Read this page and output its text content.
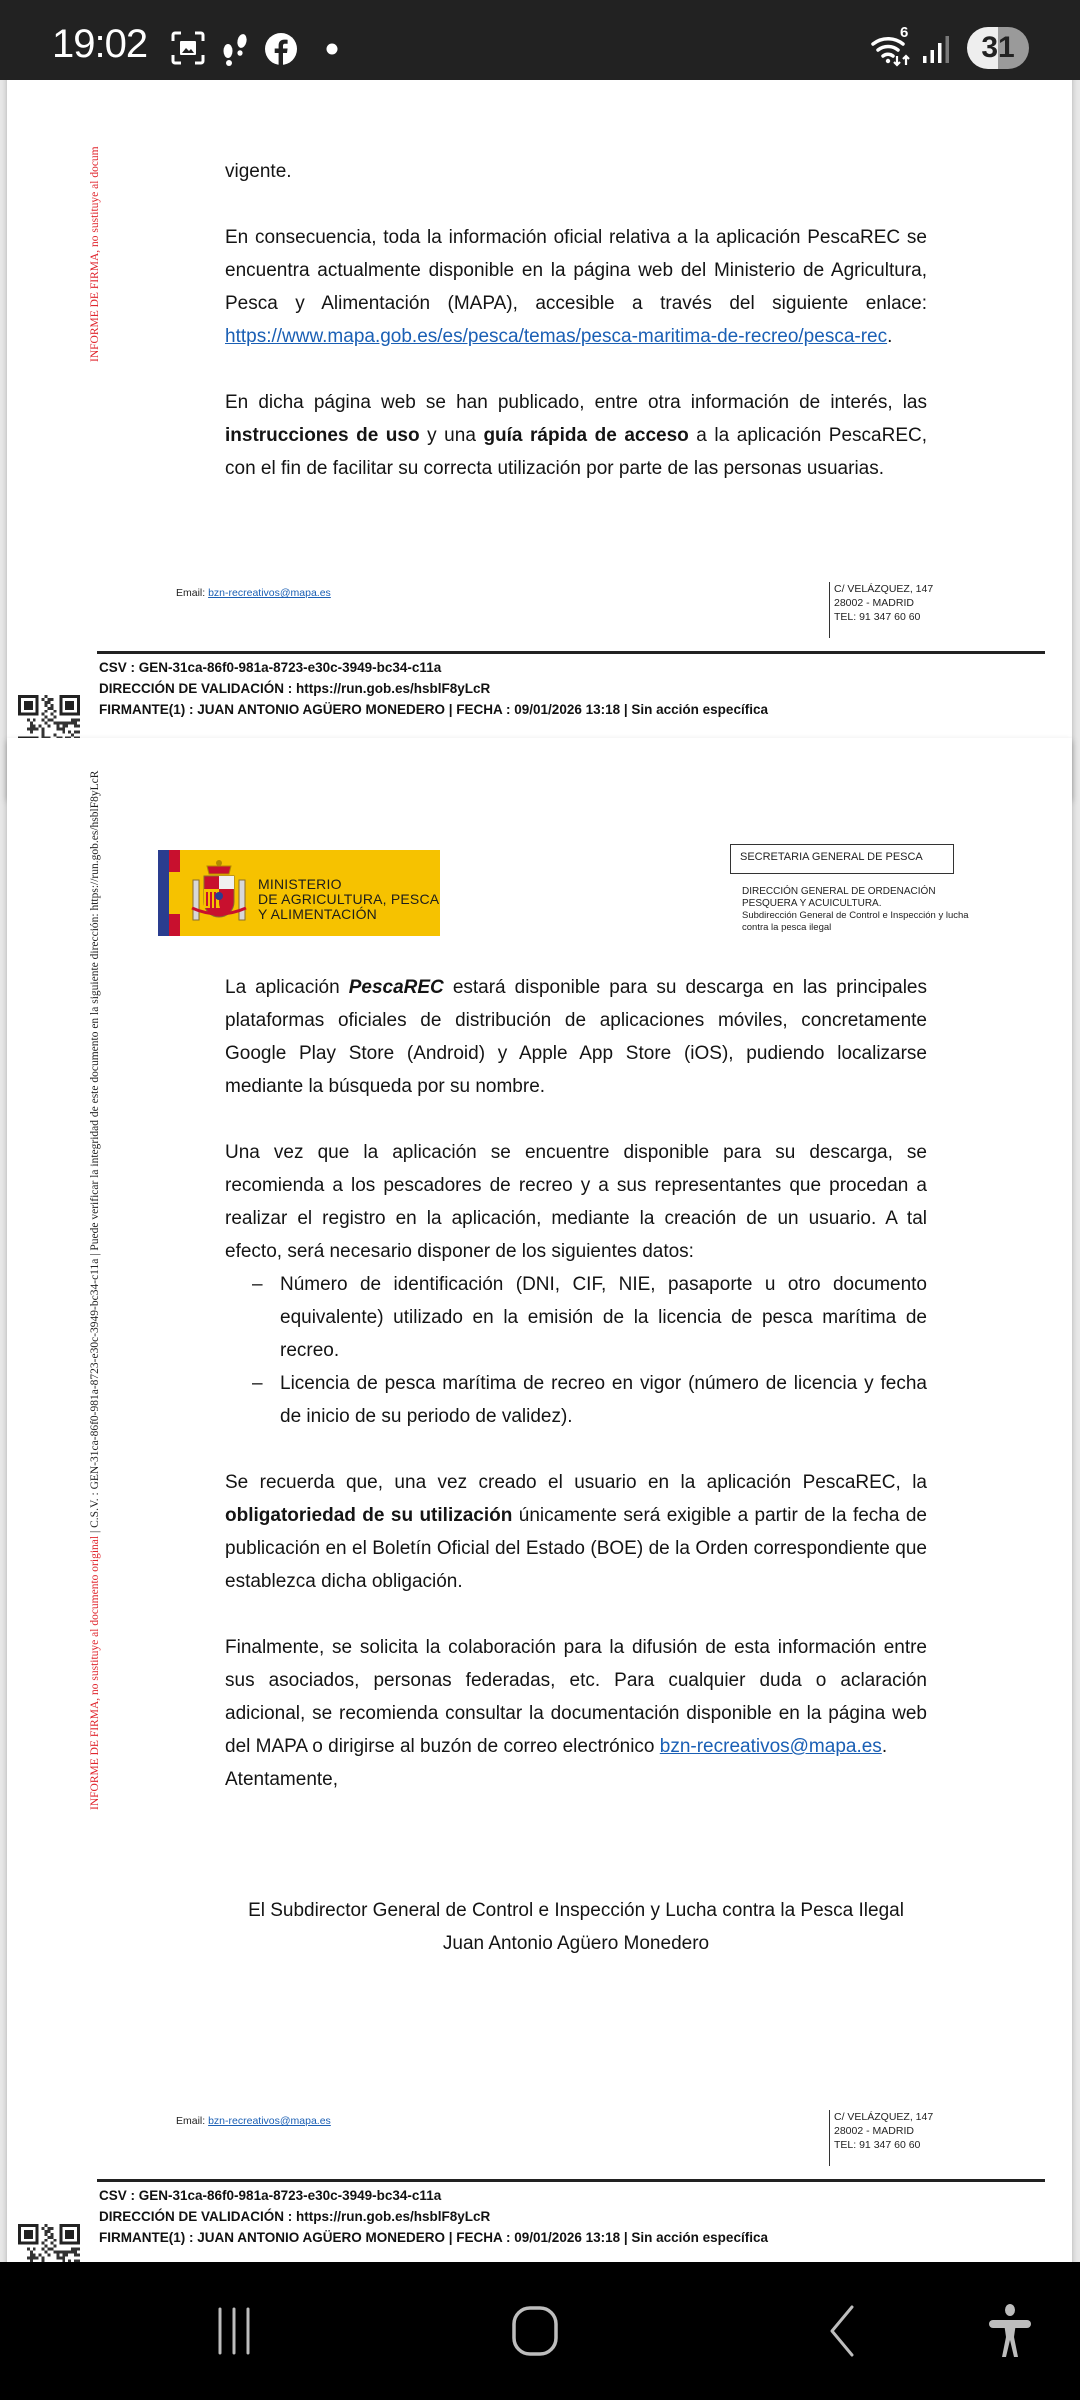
19:02	6	31
INFORME DE FIRMA, no sustituye al docum	vigente.

En consecuencia, toda la información oficial relativa a la aplicación PescaREC se encuentra actualmente disponible en la página web del Ministerio de Agricultura, Pesca y Alimentación (MAPA), accesible a través del siguiente enlace: https://www.mapa.gob.es/es/pesca/temas/pesca-maritima-de-recreo/pesca-rec.

En dicha página web se han publicado, entre otra información de interés, las instrucciones de uso y una guía rápida de acceso a la aplicación PescaREC, con el fin de facilitar su correcta utilización por parte de las personas usuarias.

Email: bzn-recreativos@mapa.es	C/ VELÁZQUEZ, 147
28002 - MADRID
TEL: 91 347 60 60
CSV : GEN-31ca-86f0-981a-8723-e30c-3949-bc34-c11a
DIRECCIÓN DE VALIDACIÓN : https://run.gob.es/hsblF8yLcR
FIRMANTE(1) : JUAN ANTONIO AGÜERO MONEDERO | FECHA : 09/01/2026 13:18 | Sin acción específica
INFORME DE FIRMA, no sustituye al documento original | C.S.V. : GEN-31ca-86f0-981a-8723-e30c-3949-bc34-c11a | Puede verificar la integridad de este documento en la siguiente dirección: https://run.gob.es/hsblF8yLcR	MINISTERIO
DE AGRICULTURA, PESCA
Y ALIMENTACIÓN
SECRETARIA GENERAL DE PESCA
DIRECCIÓN GENERAL DE ORDENACIÓN
PESQUERA Y ACUICULTURA.
Subdirección General de Control e Inspección y lucha contra la pesca ilegal

La aplicación PescaREC estará disponible para su descarga en las principales plataformas oficiales de distribución de aplicaciones móviles, concretamente Google Play Store (Android) y Apple App Store (iOS), pudiendo localizarse mediante la búsqueda por su nombre.

Una vez que la aplicación se encuentre disponible para su descarga, se recomienda a los pescadores de recreo y a sus representantes que procedan a realizar el registro en la aplicación, mediante la creación de un usuario. A tal efecto, será necesario disponer de los siguientes datos:

– Número de identificación (DNI, CIF, NIE, pasaporte u otro documento equivalente) utilizado en la emisión de la licencia de pesca marítima de recreo.
– Licencia de pesca marítima de recreo en vigor (número de licencia y fecha de inicio de su periodo de validez).

Se recuerda que, una vez creado el usuario en la aplicación PescaREC, la obligatoriedad de su utilización únicamente será exigible a partir de la fecha de publicación en el Boletín Oficial del Estado (BOE) de la Orden correspondiente que establezca dicha obligación.

Finalmente, se solicita la colaboración para la difusión de esta información entre sus asociados, personas federadas, etc. Para cualquier duda o aclaración adicional, se recomienda consultar la documentación disponible en la página web del MAPA o dirigirse al buzón de correo electrónico bzn-recreativos@mapa.es.

Atentamente,

El Subdirector General de Control e Inspección y Lucha contra la Pesca Ilegal
Juan Antonio Agüero Monedero
Email: bzn-recreativos@mapa.es	C/ VELÁZQUEZ, 147
28002 - MADRID
TEL: 91 347 60 60
CSV : GEN-31ca-86f0-981a-8723-e30c-3949-bc34-c11a
DIRECCIÓN DE VALIDACIÓN : https://run.gob.es/hsblF8yLcR
FIRMANTE(1) : JUAN ANTONIO AGÜERO MONEDERO | FECHA : 09/01/2026 13:18 | Sin acción específica
